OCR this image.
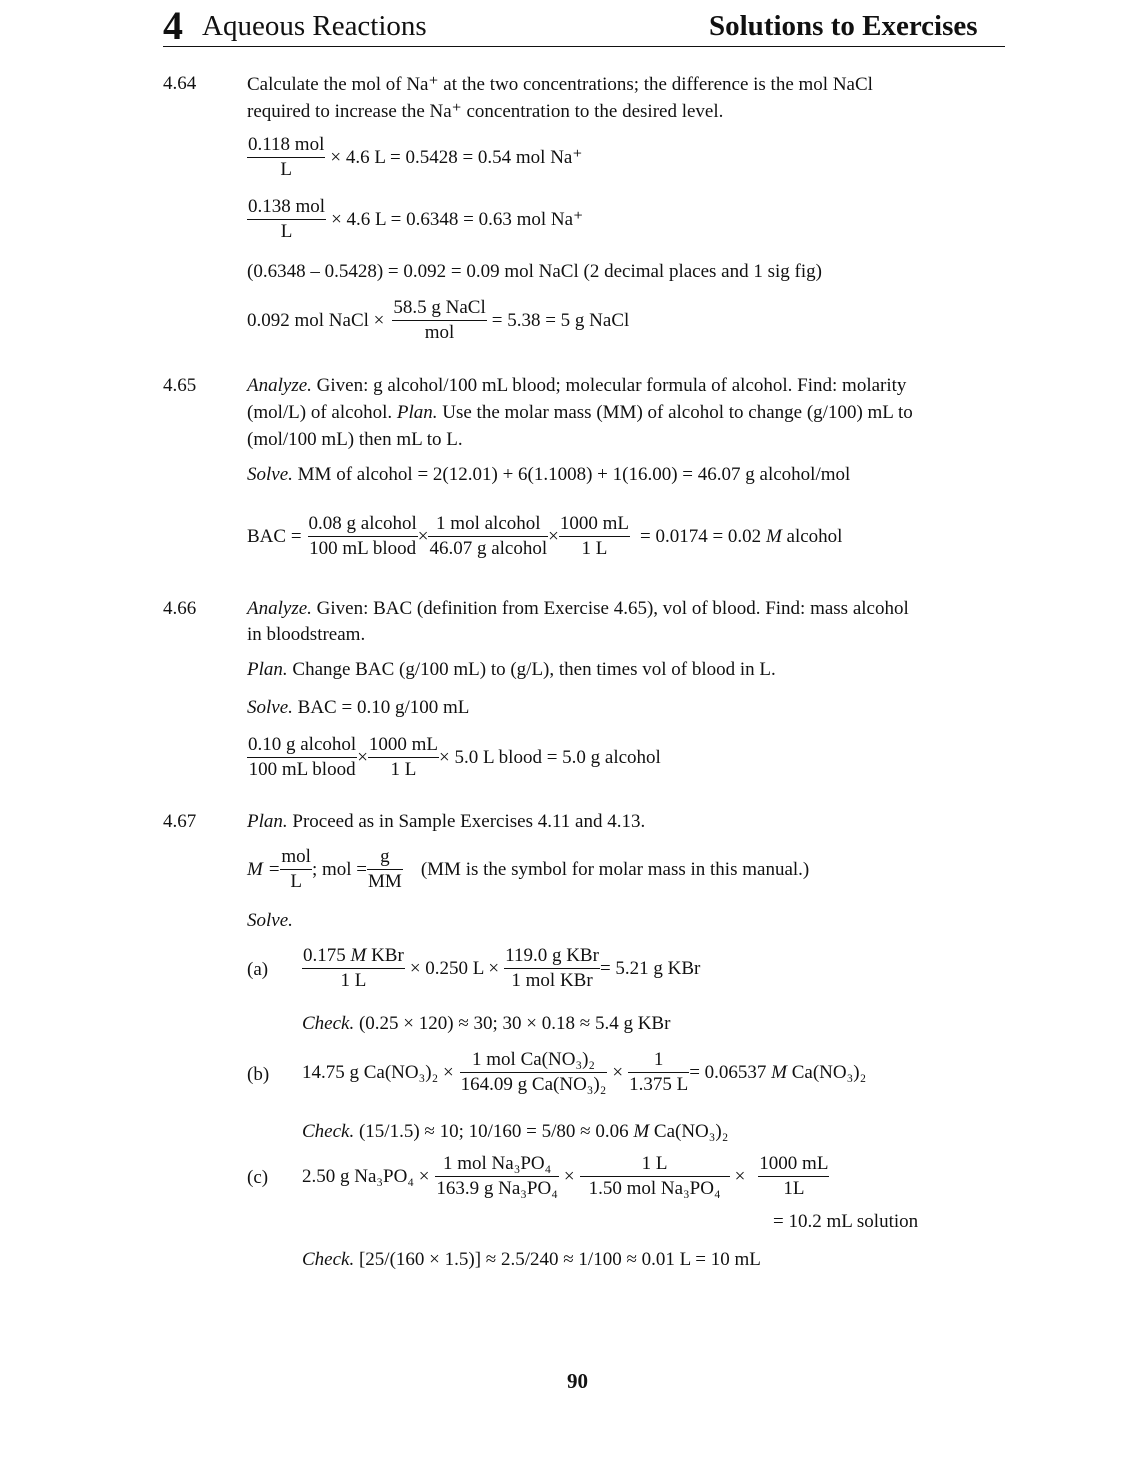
4 Aqueous Reactions	Solutions to Exercises
4.64	Calculate the mol of Na⁺ at the two concentrations; the difference is the mol NaCl
required to increase the Na⁺ concentration to the desired level.
$\frac{\text{0.118 mol}}{L} \times 4.6$ L = 0.5428 = 0.54 mol Na⁺
$\frac{\text{0.138 mol}}{L} \times 4.6$ L = 0.6348 = 0.63 mol Na⁺
(0.6348 – 0.5428) = 0.092 = 0.09 mol NaCl (2 decimal places and 1 sig fig)
0.092 mol NaCl × $\frac{\text{58.5 g NaCl}}{\text{mol}} = 5.38 = 5$ g NaCl
4.65	Analyze. Given: g alcohol/100 mL blood; molecular formula of alcohol. Find: molarity
(mol/L) of alcohol. Plan. Use the molar mass (MM) of alcohol to change (g/100) mL to
(mol/100 mL) then mL to L.
Solve. MM of alcohol = 2(12.01) + 6(1.1008) + 1(16.00) = 46.07 g alcohol/mol
BAC = $\frac{\text{0.08 g alcohol}}{\text{100 mL blood}} \times \frac{\text{1 mol alcohol}}{\text{46.07 g alcohol}} \times \frac{1000 mL}{1 L} = 0.0174 = 0.02$ M alcohol
4.66	Analyze. Given: BAC (definition from Exercise 4.65), vol of blood. Find: mass alcohol
in bloodstream.
Plan. Change BAC (g/100 mL) to (g/L), then times vol of blood in L.
Solve. BAC = 0.10 g/100 mL
$\frac{\text{0.10 g alcohol}}{\text{100 mL blood}} \times \frac{1000 mL}{1 L} \times 5.0$ L blood = 5.0 g alcohol
4.67	Plan. Proceed as in Sample Exercises 4.11 and 4.13.
$M = \frac{\text{mol}}{L}$ ; mol = $\frac{g}{MM} (MM$ is the symbol for molar mass in this manual.)
Solve.
$(a) \frac{\text{0.175 M KBr}}{1 L} \times 0.250$ $L \times \frac{\text{119.0 g KBr}}{\text{1 mol KBr}} = 5.21$ g KBr
Check. (0.25 × 120) ≈ 30; 30 × 0.18 ≈ 5.4 g KBr
(b) 14.75 g $Ca(NO_3)_2 \times \frac{\text{1 mol Ca(NO₃)₂}}{\text{164.09 g Ca(NO₃)₂}} \times \frac{1}{1.375 L} = 0.06537$ M Ca(NO₃)₂
Check. (15/1.5) ≈ 10; 10/160 = 5/80 ≈ 0.06 M Ca(NO₃)₂
(c) 2.50 g $Na_3PO_4 \times \frac{\text{1 mol Na₃PO₄}}{\text{163.9 g Na₃PO₄}} \times \frac{1 L}{\text{1.50 mol Na₃PO₄}} \times \frac{1000 mL}{1L}$
= 10.2 mL solution
Check. [25/(160 × 1.5)] ≈ 2.5/240 ≈ 1/100 ≈ 0.01 L = 10 mL
90
